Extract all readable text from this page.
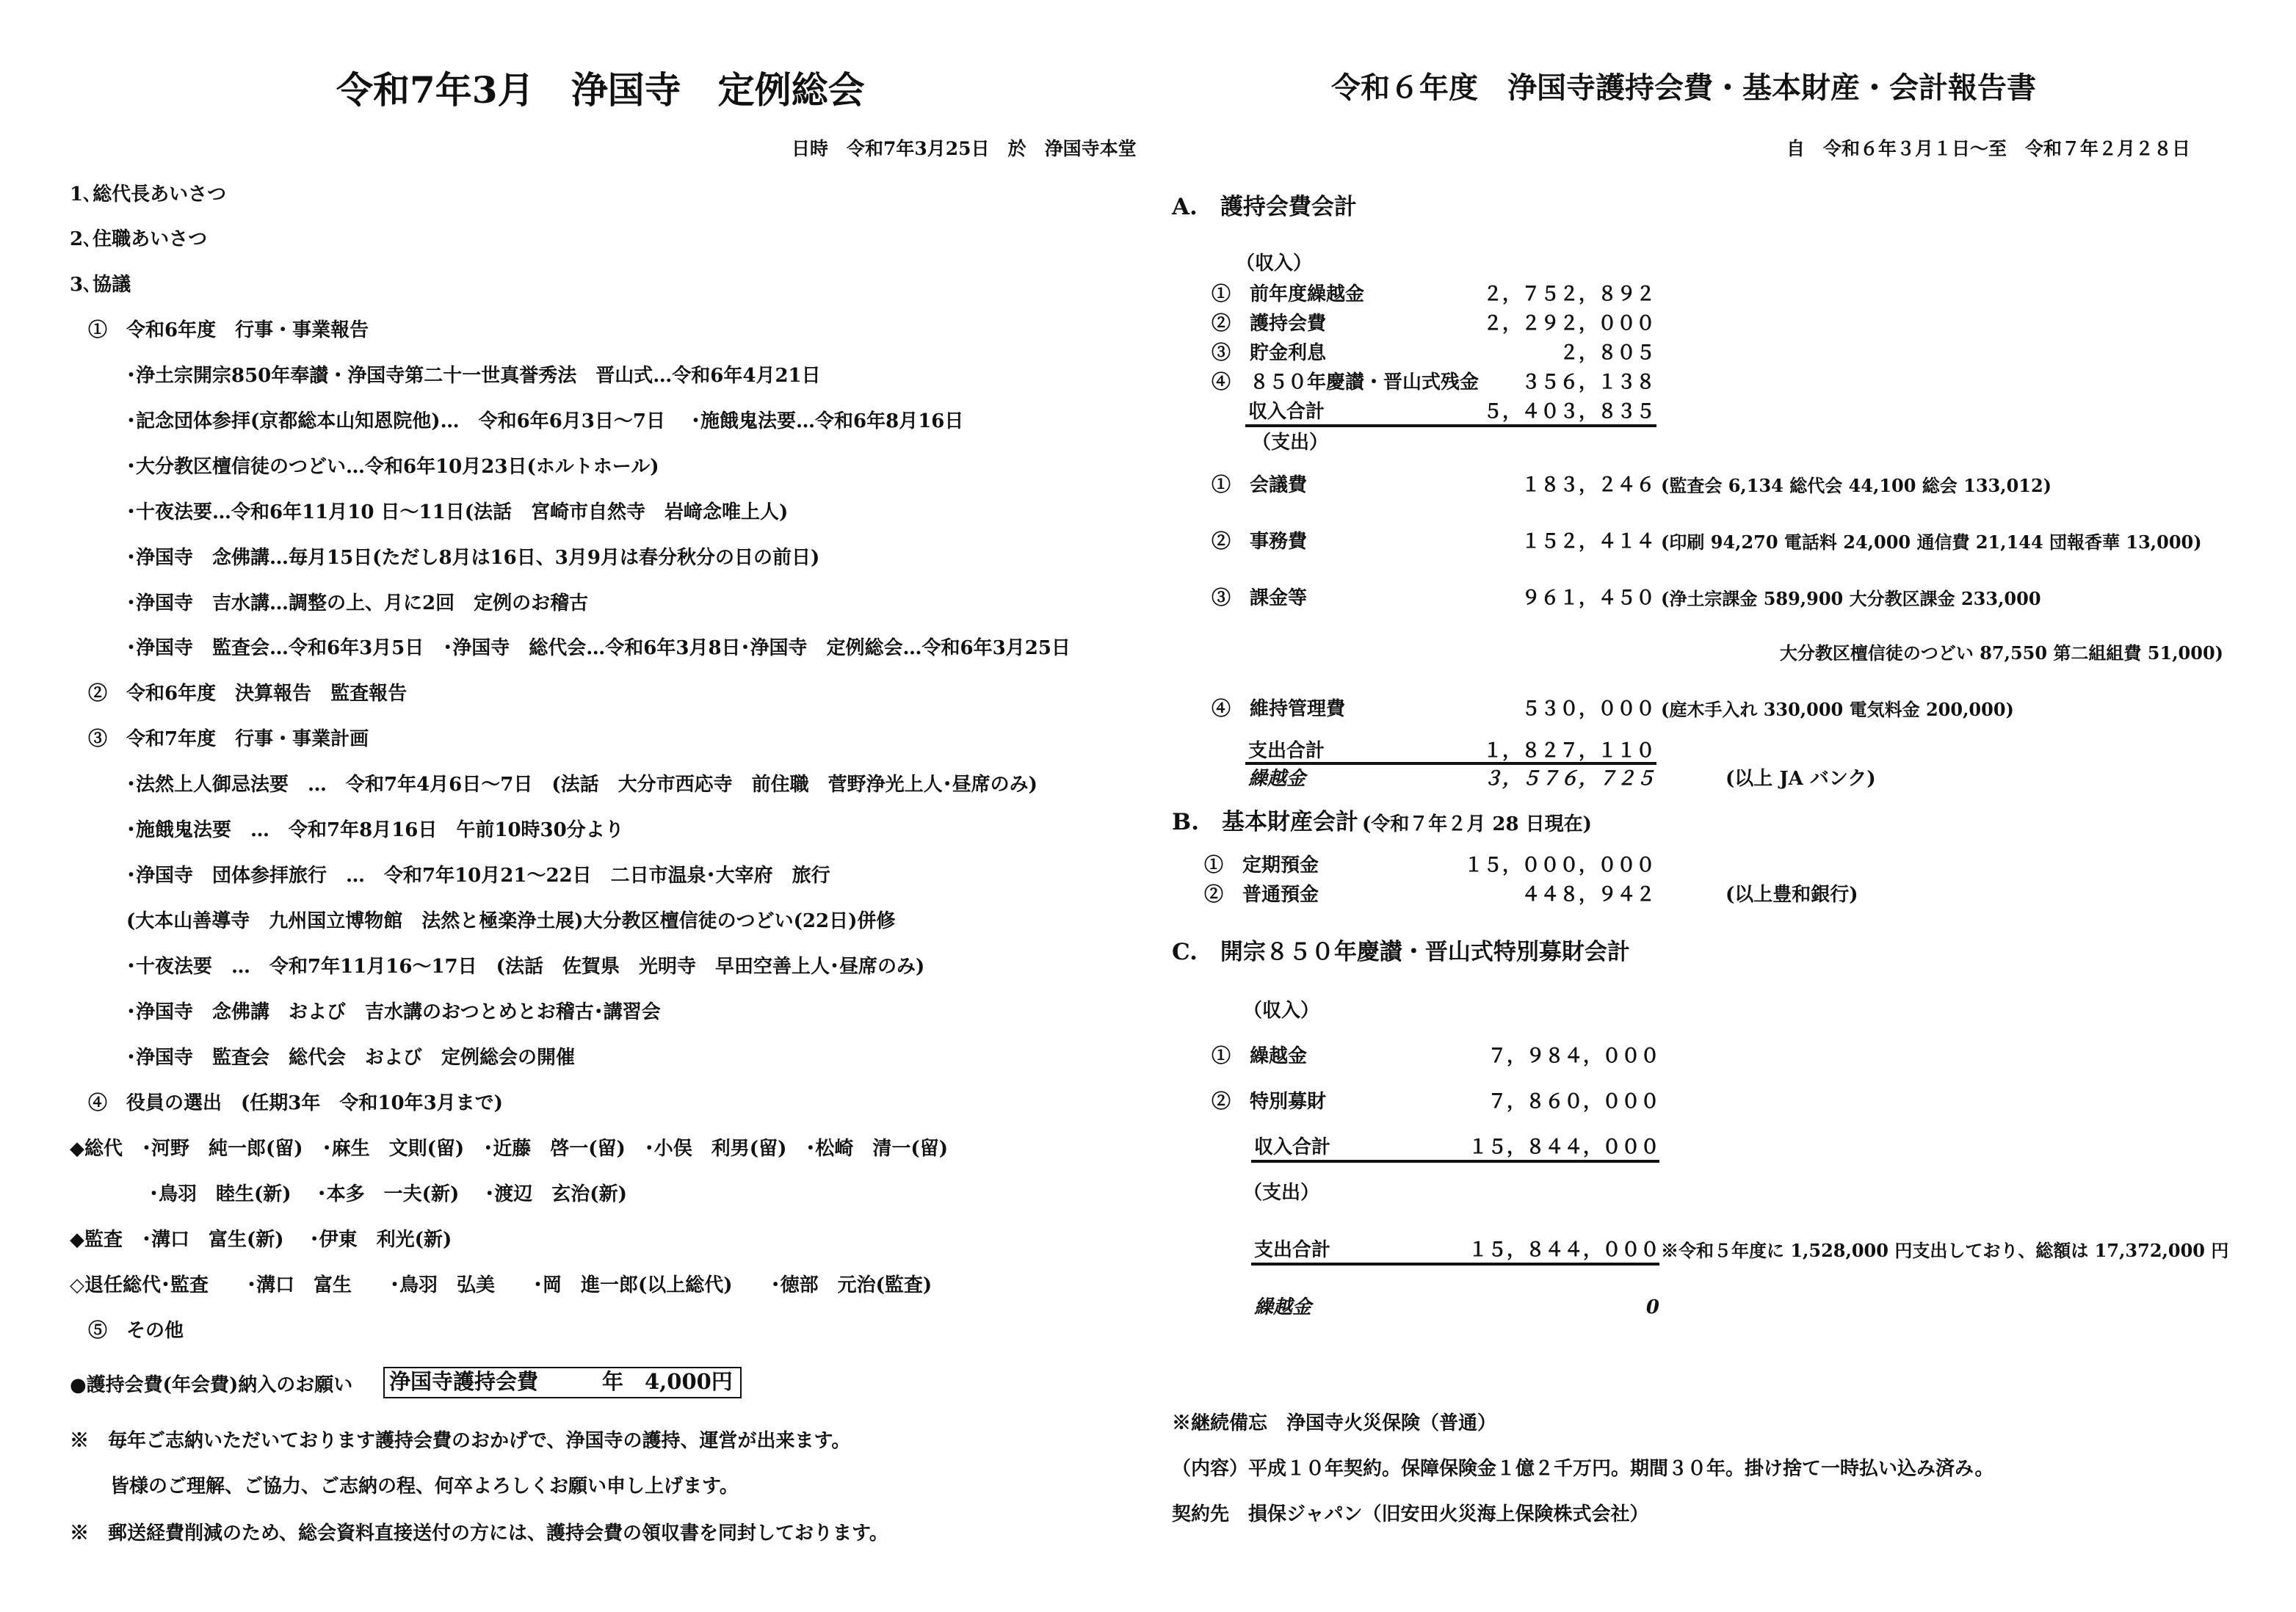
令和7年3月　浄国寺　定例総会
日時　令和7年3月25日　於　浄国寺本堂
1､総代長あいさつ
2､住職あいさつ
3､協議
①　令和6年度　行事・事業報告
･浄土宗開宗850年奉讃・浄国寺第二十一世真誉秀法　晋山式…令和6年4月21日
･記念団体参拝(京都総本山知恩院他)…　令和6年6月3日～7日　 ･施餓鬼法要…令和6年8月16日
･大分教区檀信徒のつどい…令和6年10月23日(ホルトホール)
･十夜法要…令和6年11月10 日～11日(法話　宮崎市自然寺　岩﨑念唯上人)
･浄国寺　念佛講…毎月15日(ただし8月は16日、3月9月は春分秋分の日の前日)
･浄国寺　吉水講…調整の上、月に2回　定例のお稽古
･浄国寺　監査会…令和6年3月5日　･浄国寺　総代会…令和6年3月8日･浄国寺　定例総会…令和6年3月25日
②　令和6年度　決算報告　監査報告
③　令和7年度　行事・事業計画
･法然上人御忌法要　…　令和7年4月6日～7日　(法話　大分市西応寺　前住職　菅野浄光上人･昼席のみ)
･施餓鬼法要　…　令和7年8月16日　午前10時30分より
･浄国寺　団体参拝旅行　…　令和7年10月21～22日　二日市温泉･大宰府　旅行
(大本山善導寺　九州国立博物館　法然と極楽浄土展)大分教区檀信徒のつどい(22日)併修
･十夜法要　…　令和7年11月16～17日　(法話　佐賀県　光明寺　早田空善上人･昼席のみ)
･浄国寺　念佛講　および　吉水講のおつとめとお稽古･講習会
･浄国寺　監査会　総代会　および　定例総会の開催
④　役員の選出　(任期3年　令和10年3月まで)
◆総代　･河野　純一郎(留)　･麻生　文則(留)　･近藤　啓一(留)　･小俣　利男(留)　･松崎　清一(留)
･鳥羽　睦生(新)　 ･本多　一夫(新)　 ･渡辺　玄治(新)
◆監査　･溝口　富生(新)　 ･伊東　利光(新)
◇退任総代･監査　　･溝口　富生　　･鳥羽　弘美　　･岡　進一郎(以上総代)　　･徳部　元治(監査)
⑤　その他
●護持会費(年会費)納入のお願い 浄国寺護持会費　　　年　4,000円
※　毎年ご志納いただいております護持会費のおかげで、浄国寺の護持、運営が出来ます。
皆様のご理解、ご協力、ご志納の程、何卒よろしくお願い申し上げます。
※　郵送経費削減のため、総会資料直接送付の方には、護持会費の領収書を同封しております。
令和６年度　浄国寺護持会費・基本財産・会計報告書
自　令和６年３月１日～至　令和７年２月２８日
A.　護持会費会計
（収入）
①　前年度繰越金	２，７５２，８９２
②　護持会費	２，２９２，０００
③　貯金利息	２，８０５
④　８５０年慶讃・晋山式残金 ３５６，１３８
収入合計	５，４０３，８３５
（支出）
①　会議費	１８３，２４６ (監査会 6,134 総代会 44,100 総会 133,012)
②　事務費	１５２，４１４ (印刷 94,270 電話料 24,000 通信費 21,144 団報香華 13,000)
③　課金等	９６１，４５０ (浄土宗課金 589,900 大分教区課金 233,000
大分教区檀信徒のつどい 87,550 第二組組費 51,000)
④　維持管理費	５３０，０００ (庭木手入れ 330,000 電気料金 200,000)
支出合計	１，８２７，１１０
繰越金	３，５７６，７２５	(以上 JA バンク)
B.　基本財産会計 (令和７年２月 28 日現在)
①　定期預金	１５，０００，０００
②　普通預金	４４８，９４２	(以上豊和銀行)
C.　開宗８５０年慶讃・晋山式特別募財会計
（収入）
①　繰越金	７，９８４，０００
②　特別募財	７，８６０，０００
収入合計	１５，８４４，０００
（支出）
支出合計	１５，８４４，０００ ※令和５年度に 1,528,000 円支出しており、総額は 17,372,000 円
繰越金	0
※継続備忘　浄国寺火災保険（普通）
（内容）平成１０年契約。保障保険金１億２千万円。期間３０年。掛け捨て一時払い込み済み。
契約先　損保ジャパン（旧安田火災海上保険株式会社）
